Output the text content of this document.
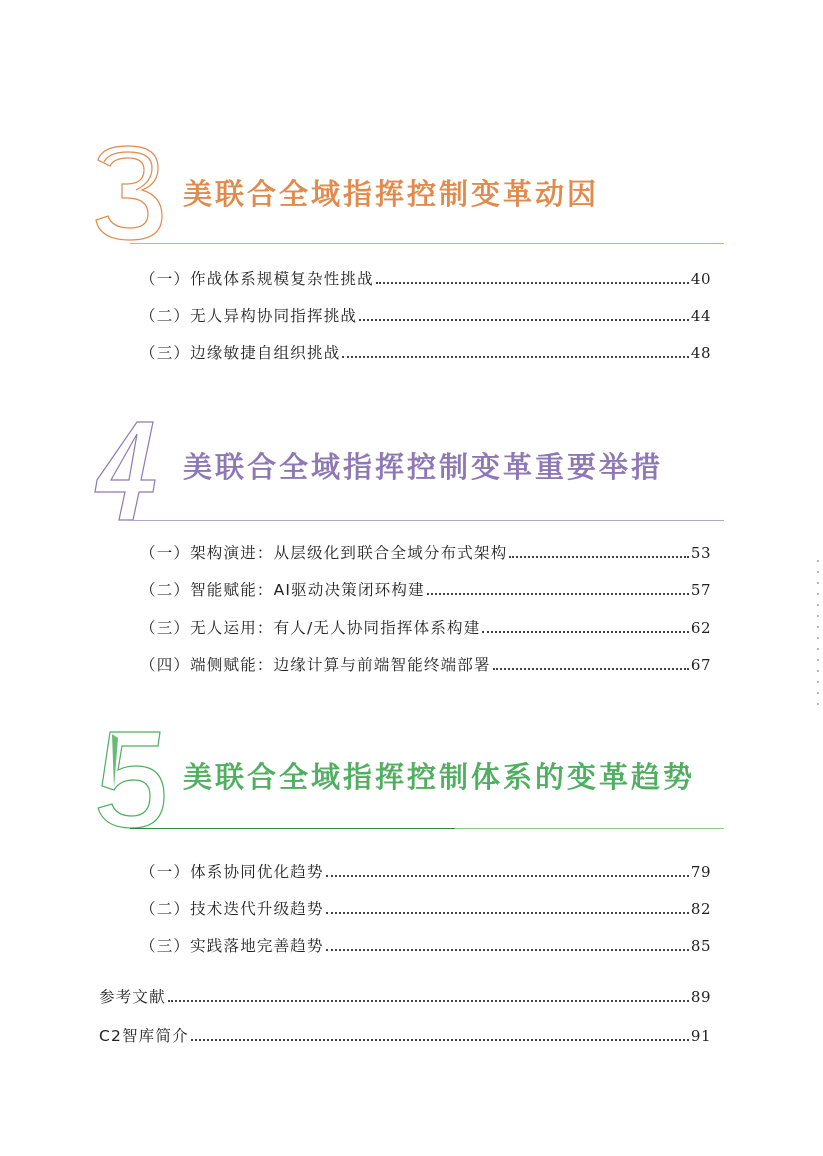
美联合全域指挥控制变革动因
（一）作战体系规模复杂性挑战	40
（二）无人异构协同指挥挑战	44
（三）边缘敏捷自组织挑战	48
美联合全域指挥控制变革重要举措
（一）架构演进：从层级化到联合全域分布式架构	53
（二）智能赋能：AI驱动决策闭环构建	57
（三）无人运用：有人/无人协同指挥体系构建	62
（四）端侧赋能：边缘计算与前端智能终端部署	67
美联合全域指挥控制体系的变革趋势
（一）体系协同优化趋势	79
（二）技术迭代升级趋势	82
（三）实践落地完善趋势	85
参考文献	89
C2智库简介	91
